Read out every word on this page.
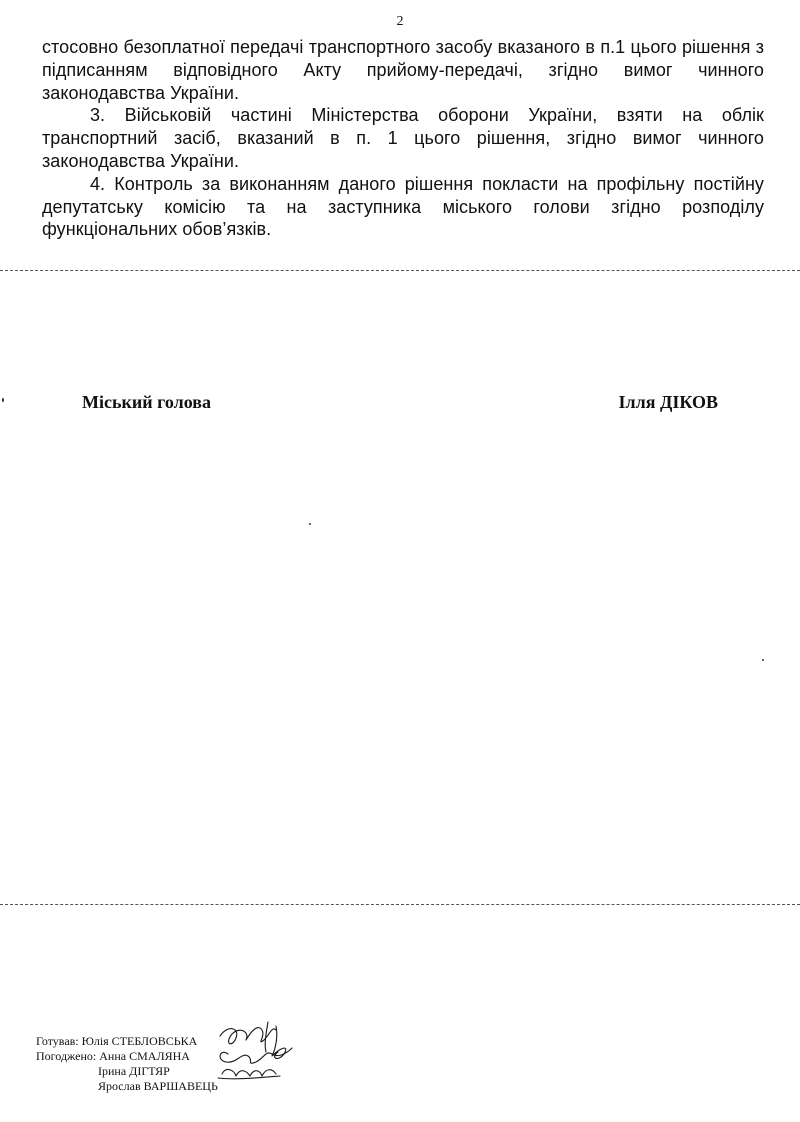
2

стосовно безоплатної передачі транспортного засобу вказаного в п.1 цього рішення з підписанням відповідного Акту прийому-передачі, згідно вимог чинного законодавства України.

3. Військовій частині Міністерства оборони України, взяти на облік транспортний засіб, вказаний в п. 1 цього рішення, згідно вимог чинного законодавства України.

4. Контроль за виконанням даного рішення покласти на профільну постійну депутатську комісію та на заступника міського голови згідно розподілу функціональних обов’язків.

Міський голова	Ілля ДІКОВ
Готував: Юлія СТЕБЛОВСЬКА
Погоджено: Анна СМАЛЯНА
Ірина ДІГТЯР
Ярослав ВАРШАВЕЦЬ
